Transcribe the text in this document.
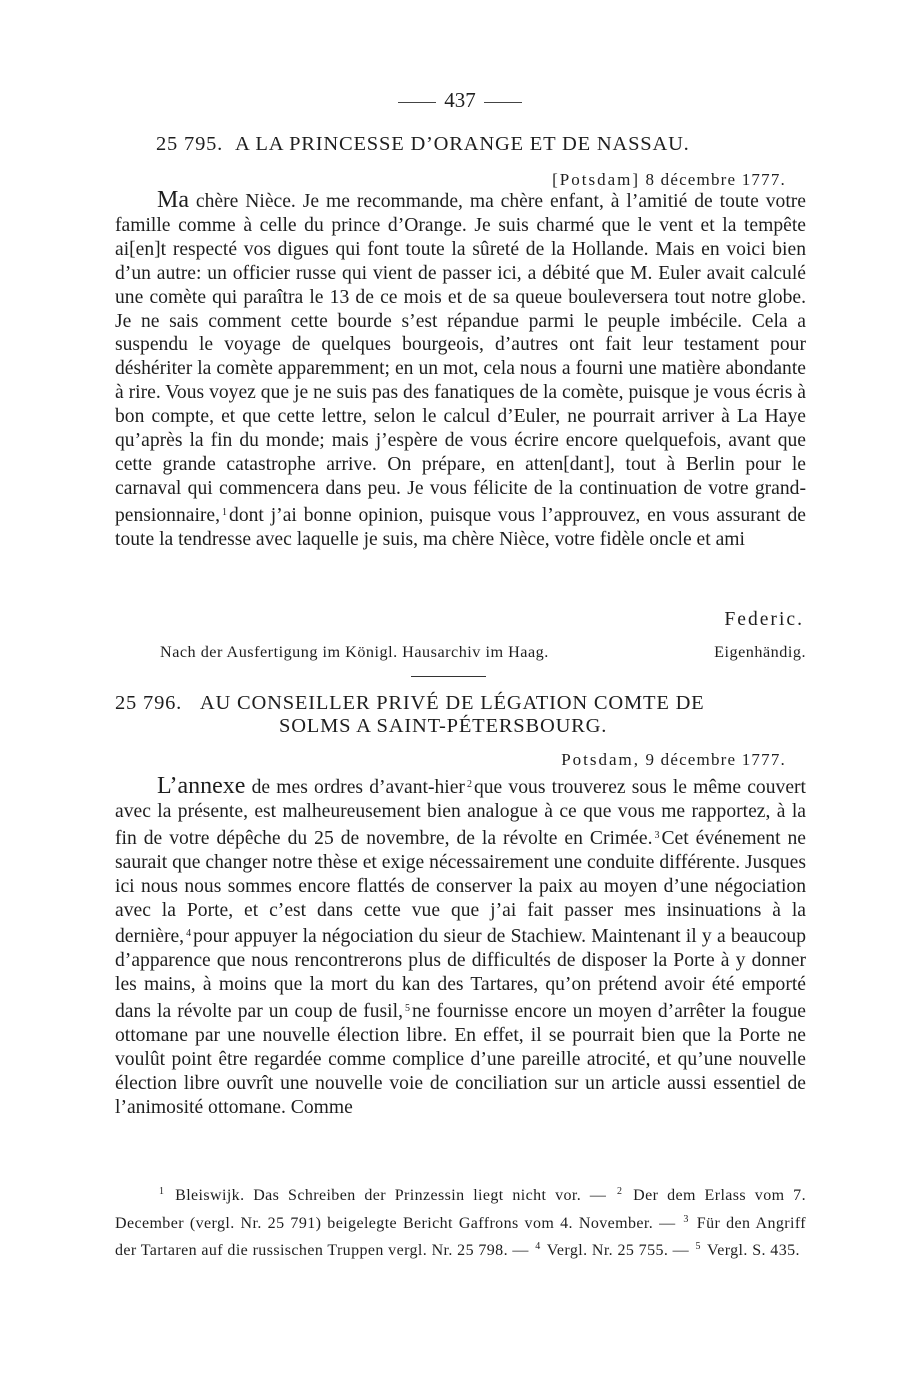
437
25 795. A LA PRINCESSE D’ORANGE ET DE NASSAU.
[Potsdam] 8 décembre 1777.

Ma chère Nièce. Je me recommande, ma chère enfant, à l’amitié de toute votre famille comme à celle du prince d’Orange. Je suis charmé que le vent et la tempête ai[en]t respecté vos digues qui font toute la sûreté de la Hollande. Mais en voici bien d’un autre: un officier russe qui vient de passer ici, a débité que M. Euler avait calculé une comète qui paraîtra le 13 de ce mois et de sa queue bouleversera tout notre globe. Je ne sais comment cette bourde s’est répandue parmi le peuple imbécile. Cela a suspendu le voyage de quelques bourgeois, d’autres ont fait leur testament pour déshériter la comète apparemment; en un mot, cela nous a fourni une matière abondante à rire. Vous voyez que je ne suis pas des fanatiques de la comète, puisque je vous écris à bon compte, et que cette lettre, selon le calcul d’Euler, ne pourrait arriver à La Haye qu’après la fin du monde; mais j’espère de vous écrire encore quelquefois, avant que cette grande catastrophe arrive. On prépare, en atten[dant], tout à Berlin pour le carnaval qui commencera dans peu. Je vous félicite de la continuation de votre grand-pensionnaire, $^1$ dont j’ai bonne opinion, puisque vous l’approuvez, en vous assurant de toute la tendresse avec laquelle je suis, ma chère Nièce, votre fidèle oncle et ami

Federic.
Nach der Ausfertigung im Königl. Hausarchiv im Haag.	Eigenhändig.
25 796. AU CONSEILLER PRIVÉ DE LÉGATION COMTE DE
SOLMS A SAINT-PÉTERSBOURG.
Potsdam, 9 décembre 1777.

L’annexe de mes ordres d’avant-hier $^2$ que vous trouverez sous le même couvert avec la présente, est malheureusement bien analogue à ce que vous me rapportez, à la fin de votre dépêche du 25 de novembre, de la révolte en Crimée. $^3$ Cet événement ne saurait que changer notre thèse et exige nécessairement une conduite différente. Jusques ici nous nous sommes encore flattés de conserver la paix au moyen d’une négociation avec la Porte, et c’est dans cette vue que j’ai fait passer mes insinuations à la dernière, $^4$ pour appuyer la négociation du sieur de Stachiew. Maintenant il y a beaucoup d’apparence que nous rencontrerons plus de difficultés de disposer la Porte à y donner les mains, à moins que la mort du kan des Tartares, qu’on prétend avoir été emporté dans la révolte par un coup de fusil, $^5$ ne fournisse encore un moyen d’arrêter la fougue ottomane par une nouvelle élection libre. En effet, il se pourrait bien que la Porte ne voulût point être regardée comme complice d’une pareille atrocité, et qu’une nouvelle élection libre ouvrît une nouvelle voie de conciliation sur un article aussi essentiel de l’animosité ottomane. Comme

$^1$ Bleiswijk. Das Schreiben der Prinzessin liegt nicht vor. — $^2$ Der dem Erlass vom 7. December (vergl. Nr. 25 791) beigelegte Bericht Gaffrons vom 4. November. — $^3$ Für den Angriff der Tartaren auf die russischen Truppen vergl. Nr. 25 798. — $^4$ Vergl. Nr. 25 755. — $^5$ Vergl. S. 435.
